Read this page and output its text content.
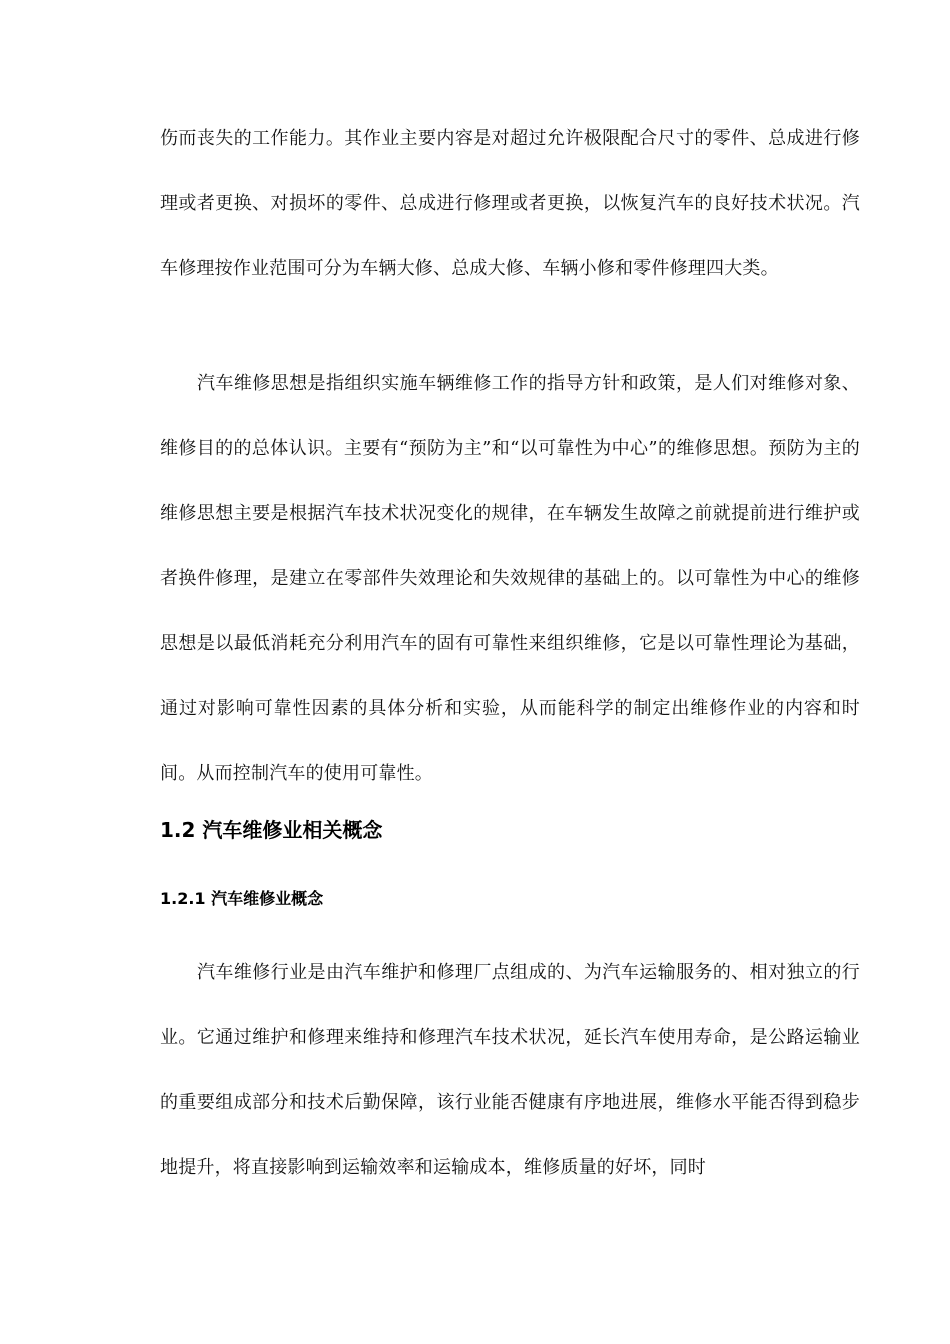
伤而丧失的工作能力。其作业主要内容是对超过允许极限配合尺寸的零件、总成进行修理或者更换、对损坏的零件、总成进行修理或者更换，以恢复汽车的良好技术状况。汽车修理按作业范围可分为车辆大修、总成大修、车辆小修和零件修理四大类。

汽车维修思想是指组织实施车辆维修工作的指导方针和政策，是人们对维修对象、维修目的的总体认识。主要有“预防为主”和“以可靠性为中心”的维修思想。预防为主的维修思想主要是根据汽车技术状况变化的规律，在车辆发生故障之前就提前进行维护或者换件修理，是建立在零部件失效理论和失效规律的基础上的。以可靠性为中心的维修思想是以最低消耗充分利用汽车的固有可靠性来组织维修，它是以可靠性理论为基础，通过对影响可靠性因素的具体分析和实验，从而能科学的制定出维修作业的内容和时间。从而控制汽车的使用可靠性。

1.2 汽车维修业相关概念
1.2.1 汽车维修业概念

汽车维修行业是由汽车维护和修理厂点组成的、为汽车运输服务的、相对独立的行业。它通过维护和修理来维持和修理汽车技术状况，延长汽车使用寿命，是公路运输业的重要组成部分和技术后勤保障，该行业能否健康有序地进展，维修水平能否得到稳步地提升，将直接影响到运输效率和运输成本，维修质量的好坏，同时
